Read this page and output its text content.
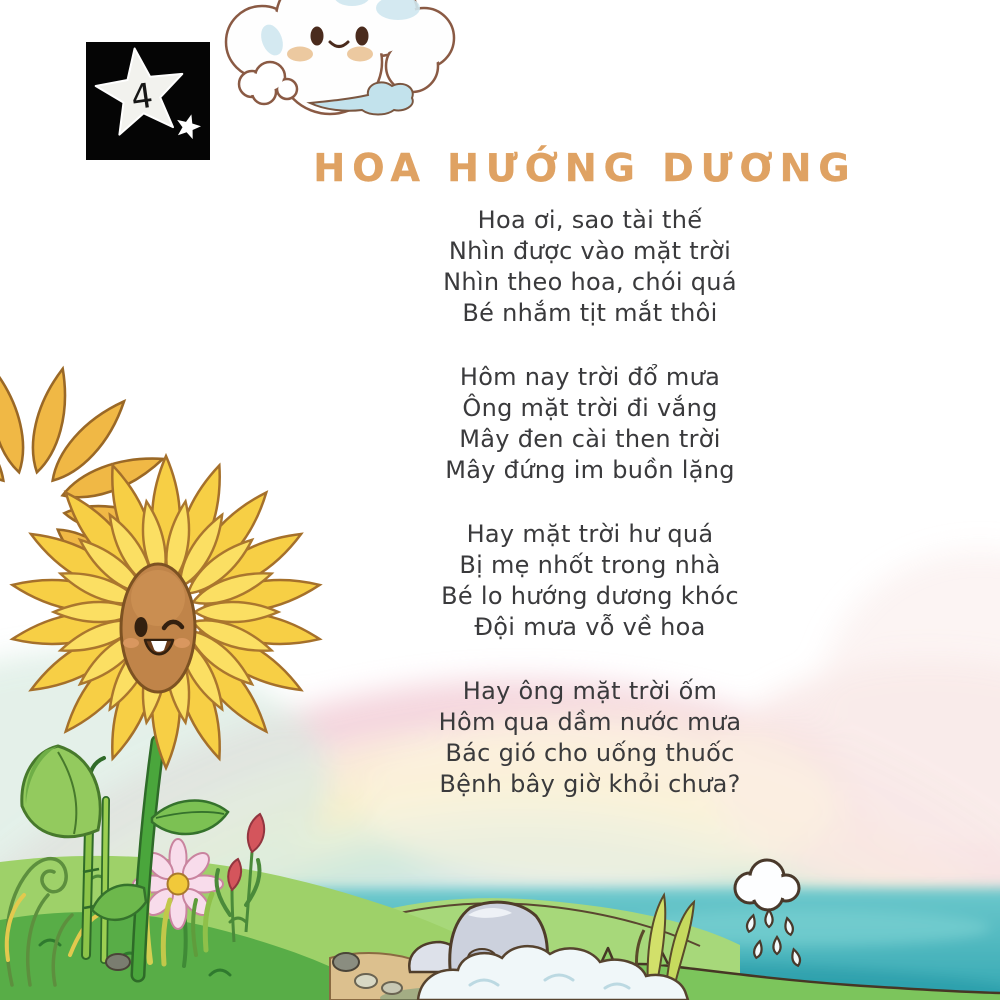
4
HOA HƯỚNG DƯƠNG
Hoa ơi, sao tài thế
Nhìn được vào mặt trời
Nhìn theo hoa, chói quá
Bé nhắm tịt mắt thôi
Hôm nay trời đổ mưa
Ông mặt trời đi vắng
Mây đen cài then trời
Mây đứng im buồn lặng
Hay mặt trời hư quá
Bị mẹ nhốt trong nhà
Bé lo hướng dương khóc
Đội mưa vỗ về hoa
Hay ông mặt trời ốm
Hôm qua dầm nước mưa
Bác gió cho uống thuốc
Bệnh bây giờ khỏi chưa?
